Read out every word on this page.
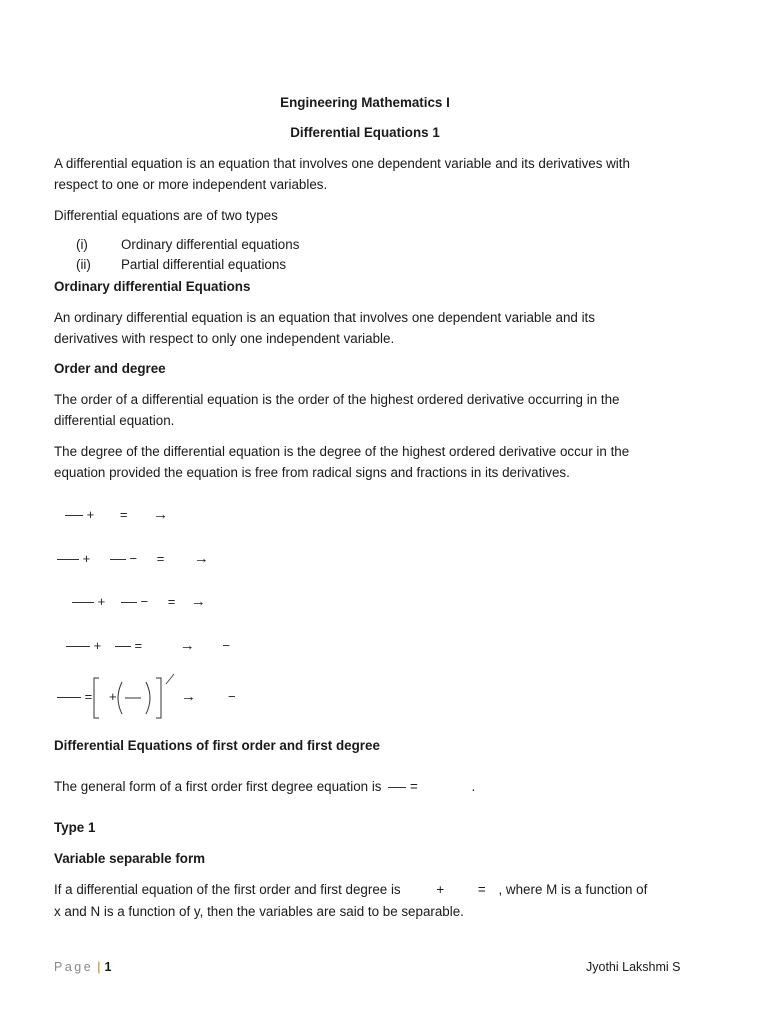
Engineering Mathematics I
Differential Equations 1
A differential equation is an equation that involves one dependent variable and its derivatives with
respect to one or more independent variables.
Differential equations are of two types
(i) Ordinary differential equations
(ii) Partial differential equations
Ordinary differential Equations
An ordinary differential equation is an equation that involves one dependent variable and its
derivatives with respect to only one independent variable.
Order and degree
The order of a differential equation is the order of the highest ordered derivative occurring in the
differential equation.
The degree of the differential equation is the degree of the highest ordered derivative occur in the
equation provided the equation is free from radical signs and fractions in its derivatives.
+ = →
+	− = →
+	− = →
+	=	→ −
= +	→ −
Differential Equations of first order and first degree
The general form of a first order first degree equation is =	.
Type 1
Variable separable form
If a differential equation of the first order and first degree is	+	= , where M is a function of
x and N is a function of y, then the variables are said to be separable.
Page | 1	Jyothi Lakshmi S
